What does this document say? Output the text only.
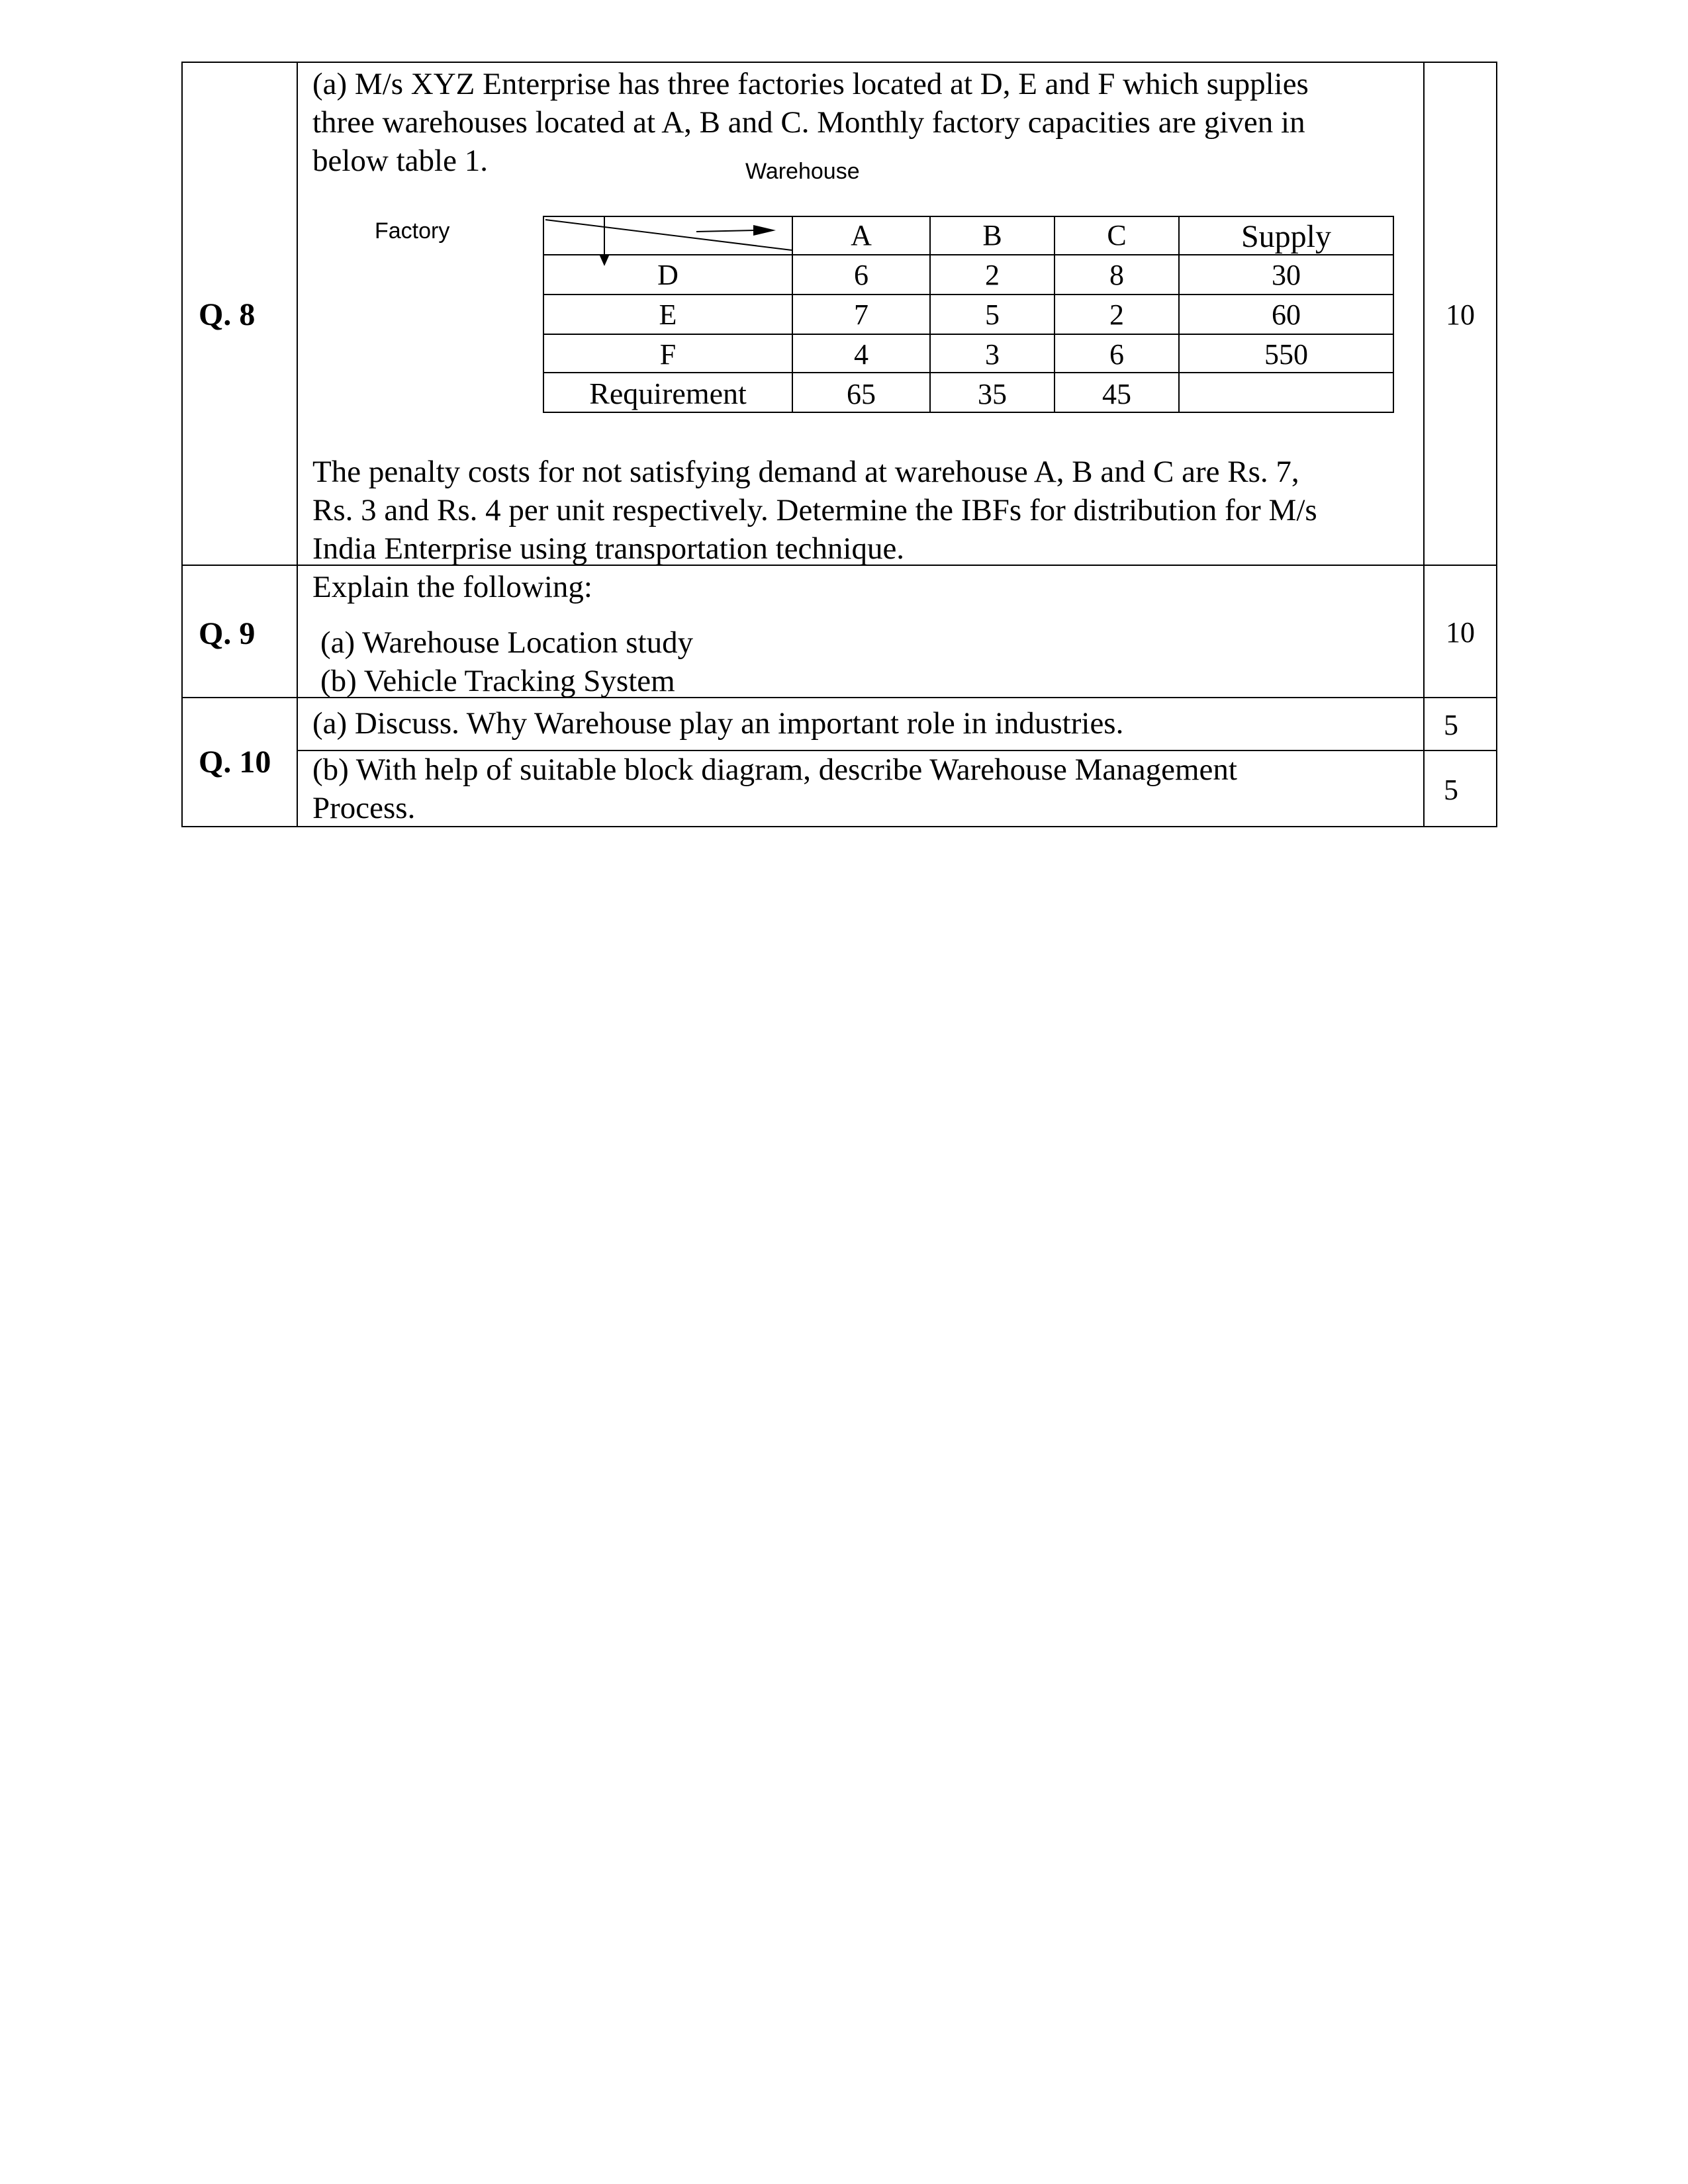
Q. 8
(a) M/s XYZ Enterprise has three factories located at D, E and F which supplies
three warehouses located at A, B and C. Monthly factory capacities are given in
below table 1.	Warehouse
Factory	A	B	C	Supply
D	6	2	8	30
E	7	5	2	60
F	4	3	6	550
Requirement	65	35	45
The penalty costs for not satisfying demand at warehouse A, B and C are Rs. 7,
Rs. 3 and Rs. 4 per unit respectively. Determine the IBFs for distribution for M/s
India Enterprise using transportation technique.
10
Q. 9
Explain the following:
(a) Warehouse Location study
(b) Vehicle Tracking System
10
Q. 10
(a) Discuss. Why Warehouse play an important role in industries.	5
(b) With help of suitable block diagram, describe Warehouse Management
Process.
5
